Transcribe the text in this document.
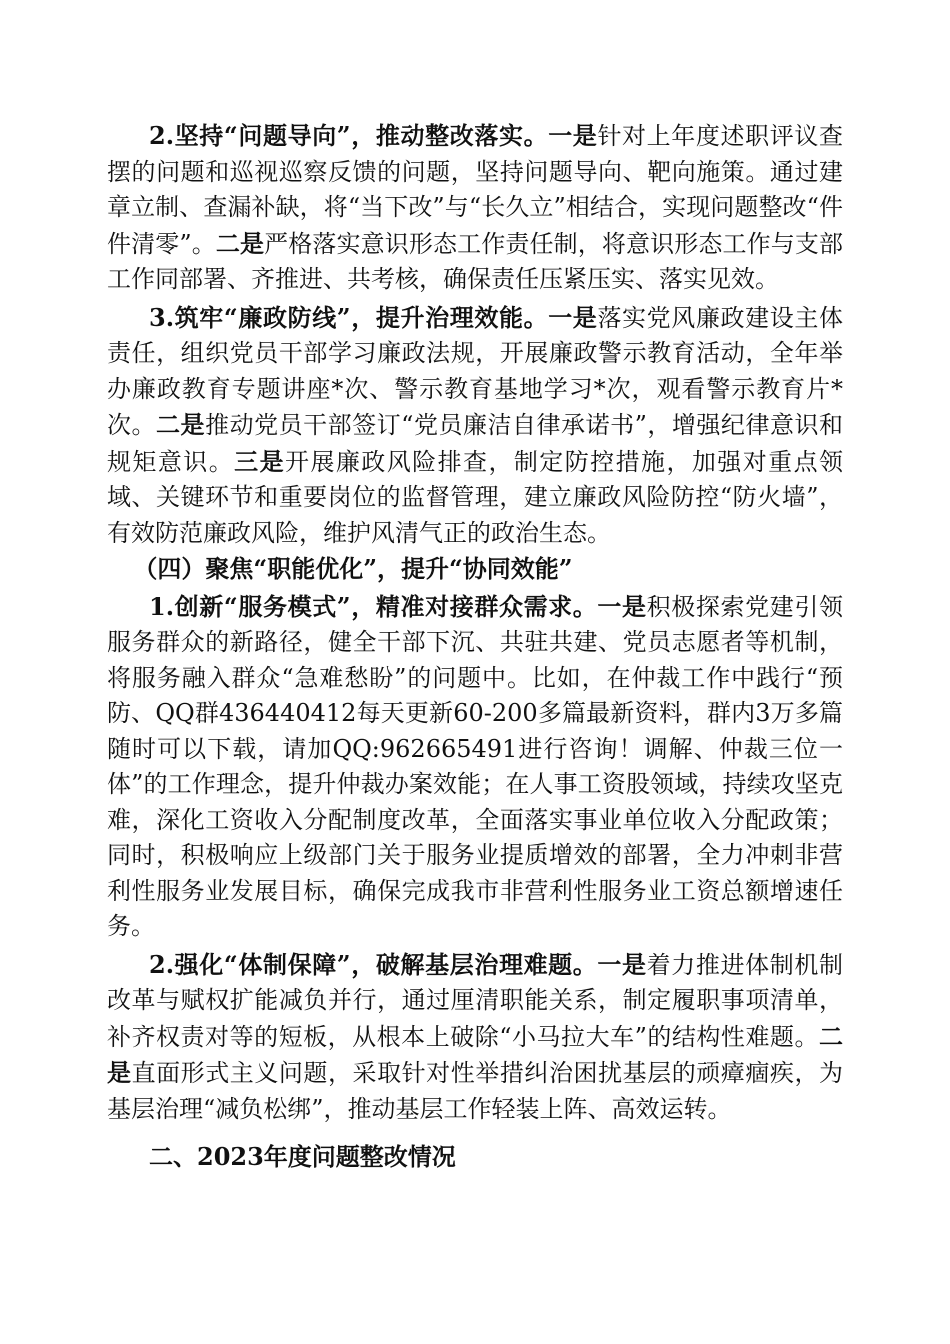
2.坚持“问题导向”，推动整改落实。一是针对上年度述职评议查摆的问题和巡视巡察反馈的问题，坚持问题导向、靶向施策。通过建章立制、查漏补缺，将“当下改”与“长久立”相结合，实现问题整改“件件清零”。二是严格落实意识形态工作责任制，将意识形态工作与支部工作同部署、齐推进、共考核，确保责任压紧压实、落实见效。

3.筑牢“廉政防线”，提升治理效能。一是落实党风廉政建设主体责任，组织党员干部学习廉政法规，开展廉政警示教育活动，全年举办廉政教育专题讲座*次、警示教育基地学习*次，观看警示教育片*次。二是推动党员干部签订“党员廉洁自律承诺书”，增强纪律意识和规矩意识。三是开展廉政风险排查，制定防控措施，加强对重点领域、关键环节和重要岗位的监督管理，建立廉政风险防控“防火墙”，有效防范廉政风险，维护风清气正的政治生态。

（四）聚焦“职能优化”，提升“协同效能”

1.创新“服务模式”，精准对接群众需求。一是积极探索党建引领服务群众的新路径，健全干部下沉、共驻共建、党员志愿者等机制，将服务融入群众“急难愁盼”的问题中。比如，在仲裁工作中践行“预防、QQ群436440412每天更新60-200多篇最新资料，群内3万多篇随时可以下载，请加QQ:962665491进行咨询！调解、仲裁三位一体”的工作理念，提升仲裁办案效能；在人事工资股领域，持续攻坚克难，深化工资收入分配制度改革，全面落实事业单位收入分配政策；同时，积极响应上级部门关于服务业提质增效的部署，全力冲刺非营利性服务业发展目标，确保完成我市非营利性服务业工资总额增速任务。

2.强化“体制保障”，破解基层治理难题。一是着力推进体制机制改革与赋权扩能减负并行，通过厘清职能关系，制定履职事项清单，补齐权责对等的短板，从根本上破除“小马拉大车”的结构性难题。二是直面形式主义问题，采取针对性举措纠治困扰基层的顽瘴痼疾，为基层治理“减负松绑”，推动基层工作轻装上阵、高效运转。

二、2023年度问题整改情况
